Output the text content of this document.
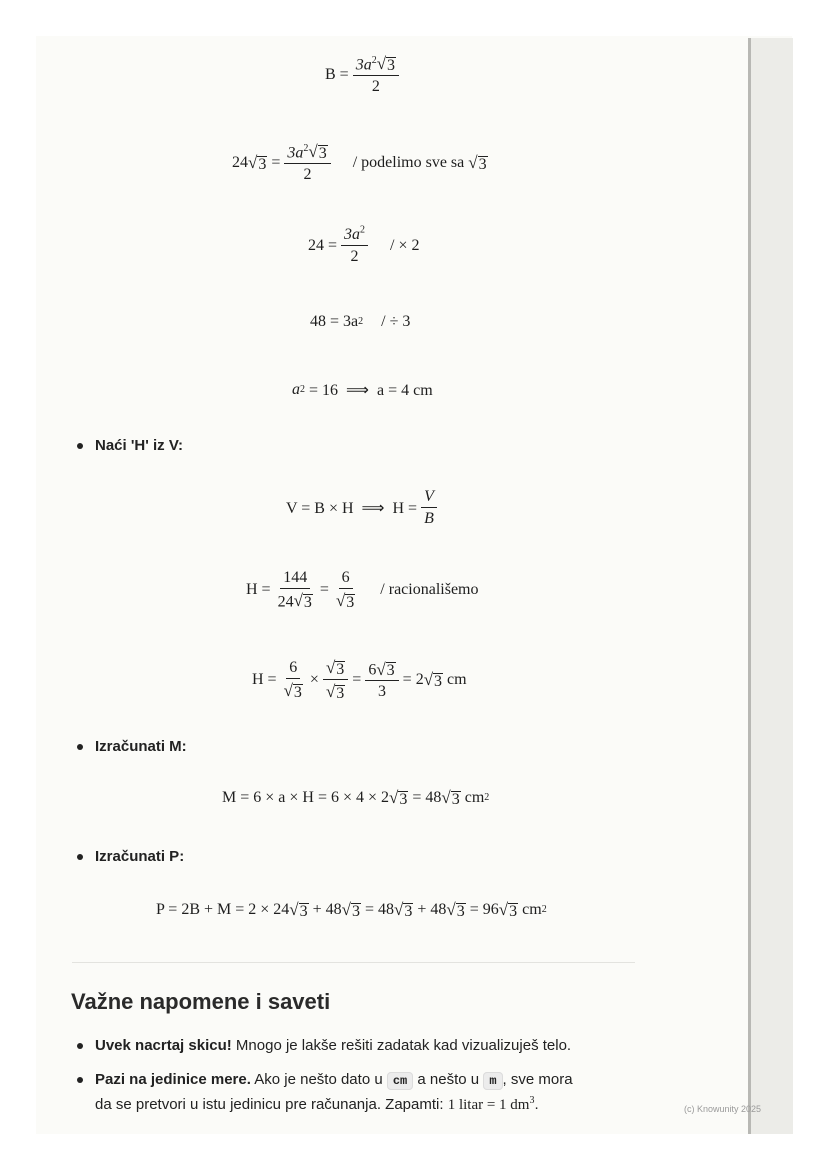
$B = \frac{3a^2 √ 3}{2}$
24 √ $3 = \frac{3a^2 √ 3}{2}$ / podelimo sve sa √ 3
$24 = \frac{3a^2}{2}$ / × 2
48 = 3a 2 / ÷ 3
a 2 = 16  ⟹  a = 4 cm
Naći 'H' iz V:
V = B × H  ⟹  $H = \frac{V}{B}$
$H = \frac{144}{24 √ 3} = \frac{6}{√ 3}$ / racionališemo
$H = \frac{6}{√ 3} \times \frac{√ 3}{√ 3} = \frac{6 √ 3}{3} = 2$ √ 3 cm
Izračunati M:
M = 6 × a × H = 6 × 4 × 2 √ 3 = 48 √ 3 cm 2
Izračunati P:
P = 2B + M = 2 × 24 √ 3 + 48 √ 3 = 48 √ 3 + 48 √ 3 = 96 √ 3 cm 2
Važne napomene i saveti
Uvek nacrtaj skicu! Mnogo je lakše rešiti zadatak kad vizualizuješ telo.
Pazi na jedinice mere. Ako je nešto dato u cm a nešto u m , sve mora
da se pretvori u istu jedinicu pre računanja. Zapamti: 1 litar = 1 $dm^3$.	(c) Knowunity 2025
